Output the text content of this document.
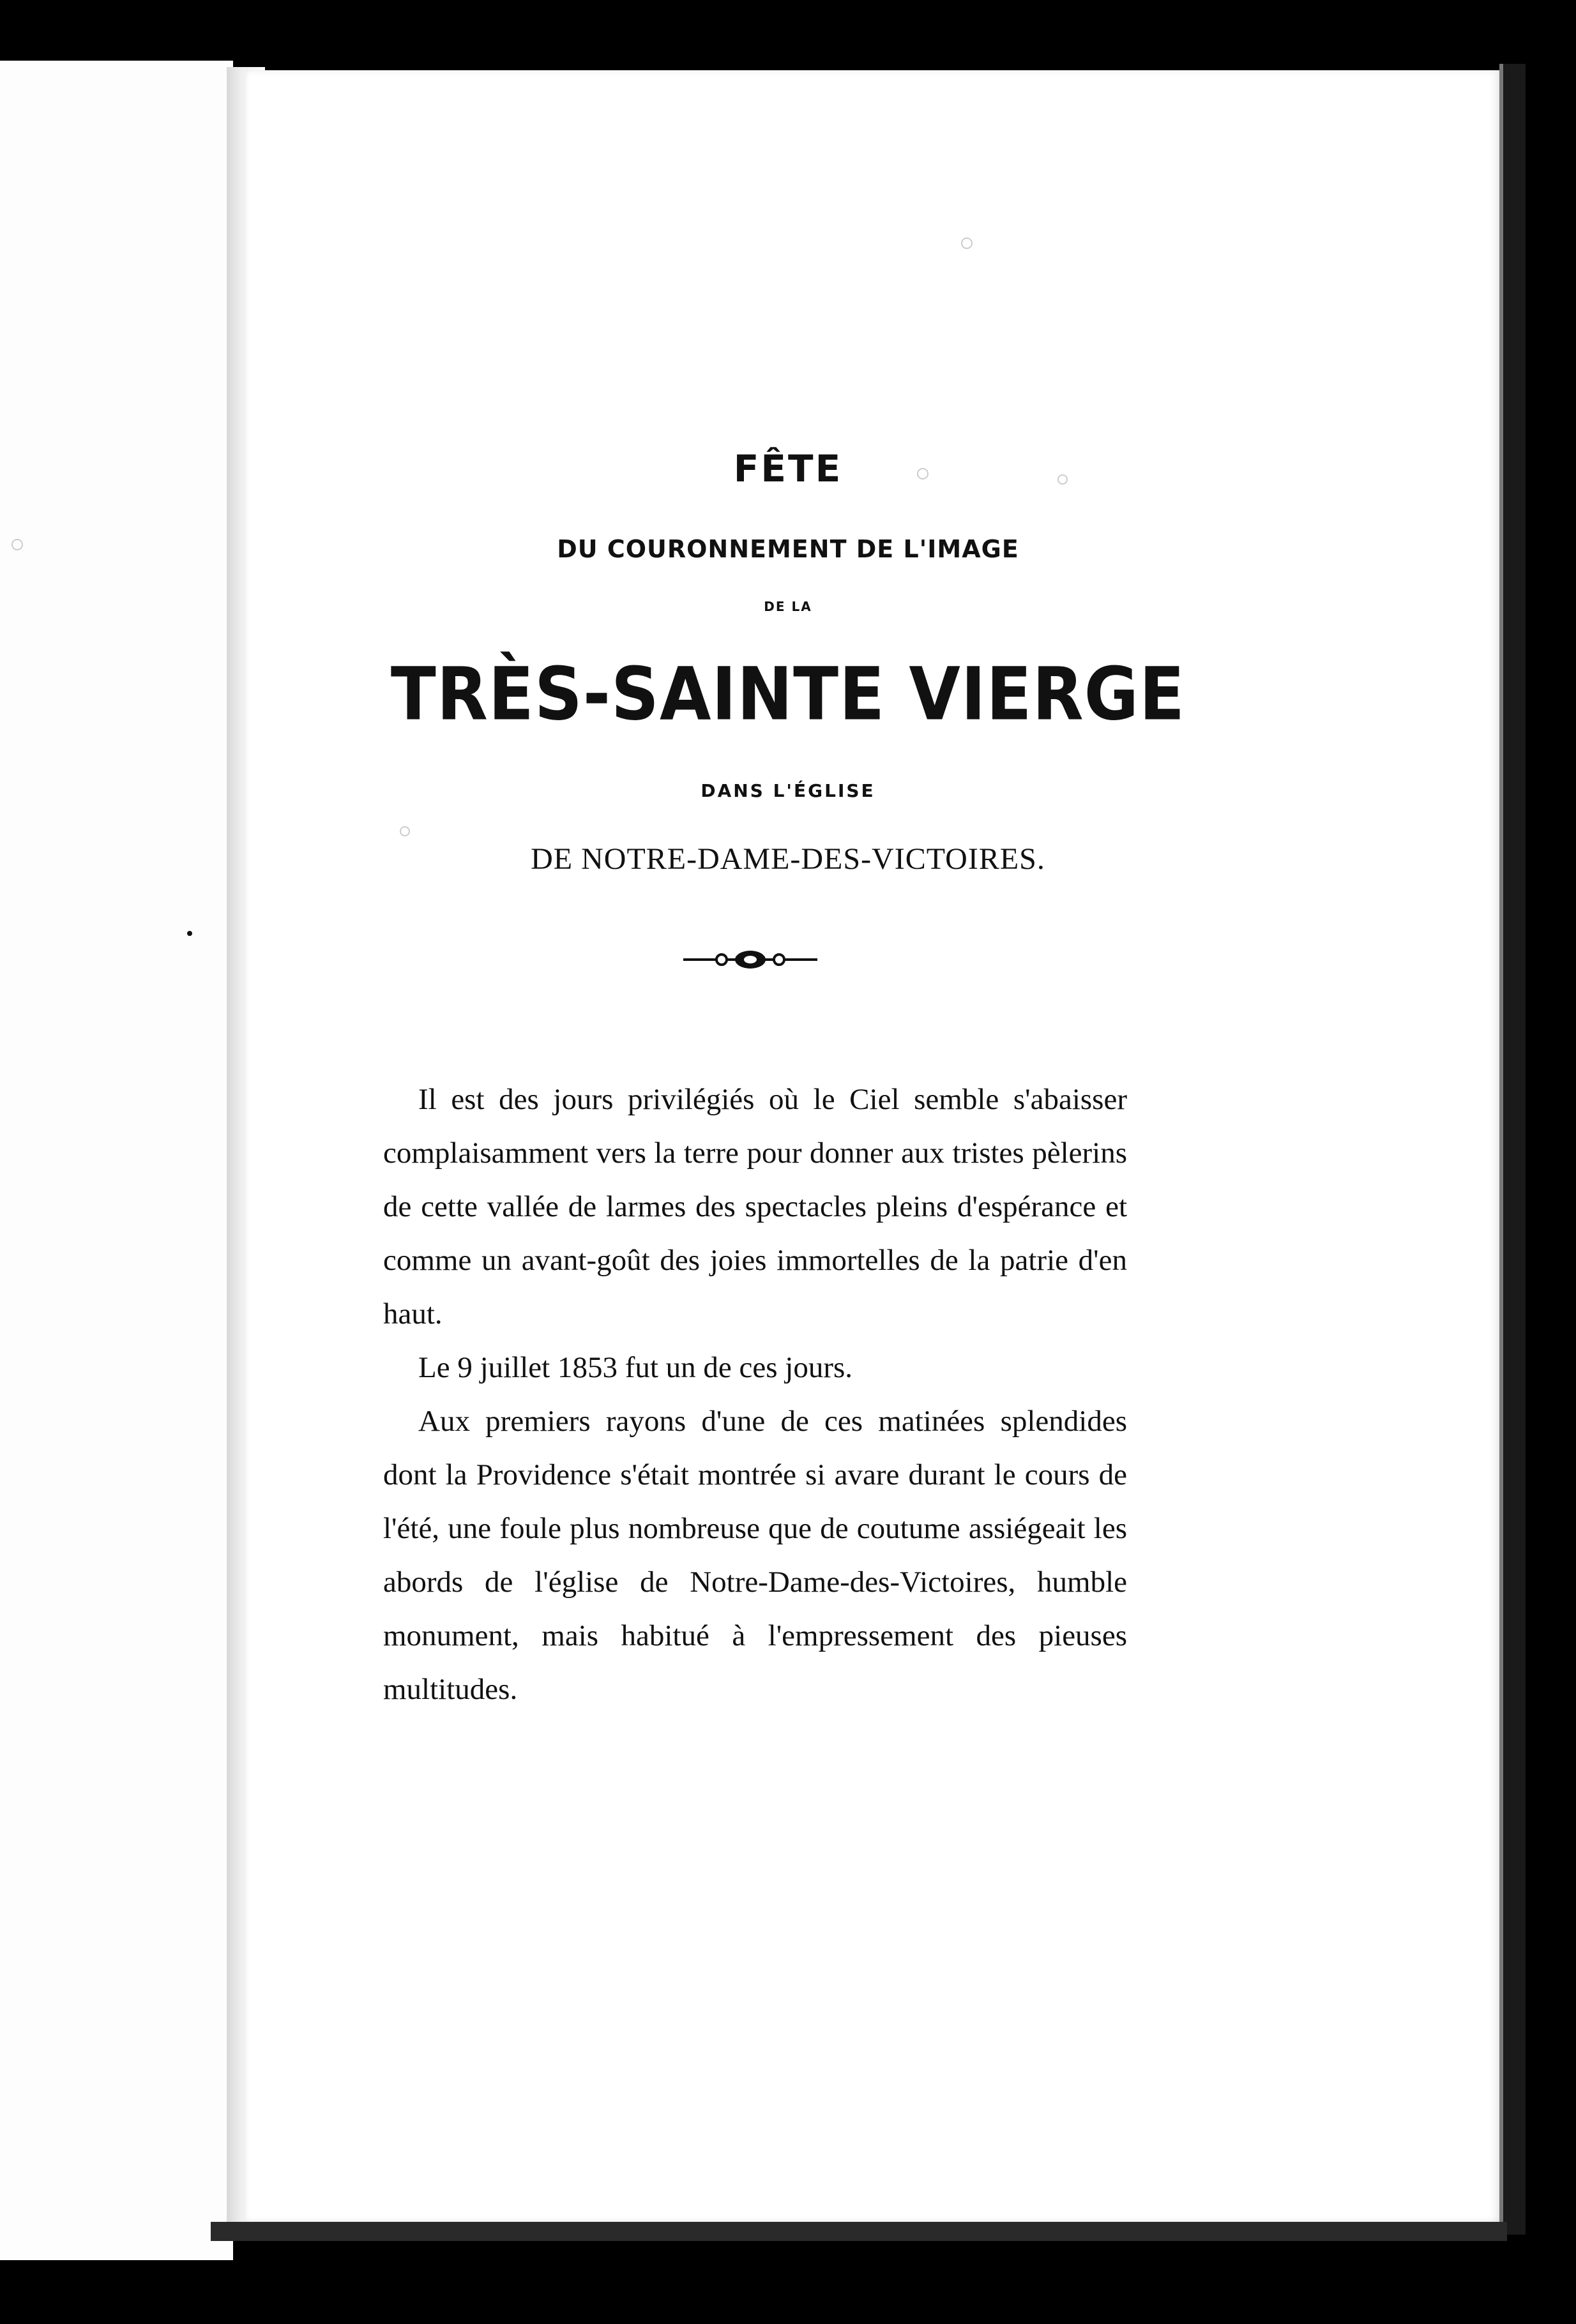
FÊTE
DU COURONNEMENT DE L'IMAGE
DE LA
TRÈS-SAINTE VIERGE
DANS L'ÉGLISE
DE NOTRE-DAME-DES-VICTOIRES.

Il est des jours privilégiés où le Ciel semble s'abaisser complaisamment vers la terre pour donner aux tristes pèlerins de cette vallée de larmes des spectacles pleins d'espérance et comme un avant-goût des joies immortelles de la patrie d'en haut.

Le 9 juillet 1853 fut un de ces jours.

Aux premiers rayons d'une de ces matinées splendides dont la Providence s'était montrée si avare durant le cours de l'été, une foule plus nombreuse que de coutume assiégeait les abords de l'église de Notre-Dame-des-Victoires, humble monument, mais habitué à l'empressement des pieuses multitudes.
